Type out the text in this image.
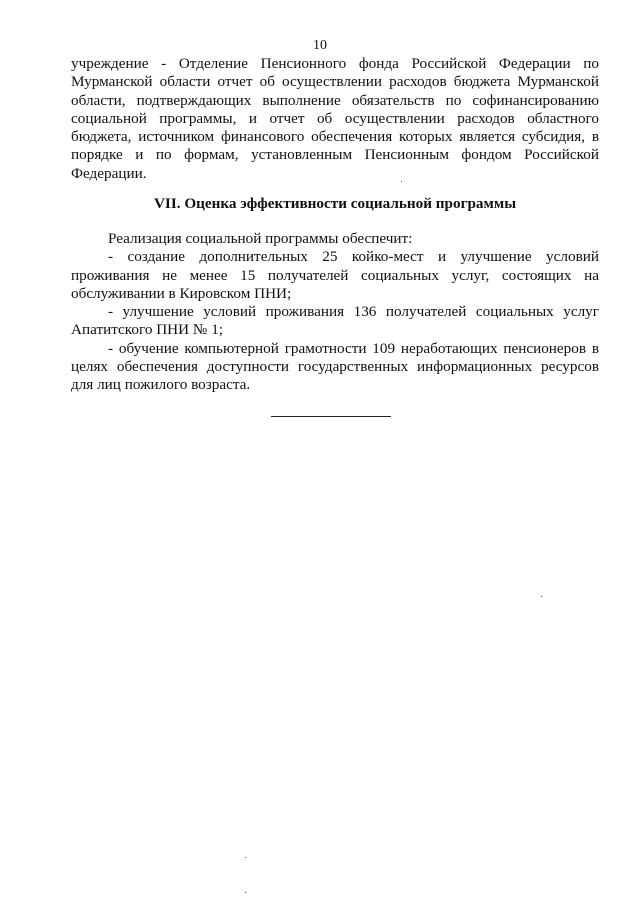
10

учреждение - Отделение Пенсионного фонда Российской Федерации по Мурманской области отчет об осуществлении расходов бюджета Мурманской области, подтверждающих выполнение обязательств по софинансированию социальной программы, и отчет об осуществлении расходов областного бюджета, источником финансового обеспечения которых является субсидия, в порядке и по формам, установленным Пенсионным фондом Российской Федерации.

VII. Оценка эффективности социальной программы

Реализация социальной программы обеспечит:

- создание дополнительных 25 койко-мест и улучшение условий проживания не менее 15 получателей социальных услуг, состоящих на обслуживании в Кировском ПНИ;

- улучшение условий проживания 136 получателей социальных услуг Апатитского ПНИ № 1;

- обучение компьютерной грамотности 109 неработающих пенсионеров в целях обеспечения доступности государственных информационных ресурсов для лиц пожилого возраста.
